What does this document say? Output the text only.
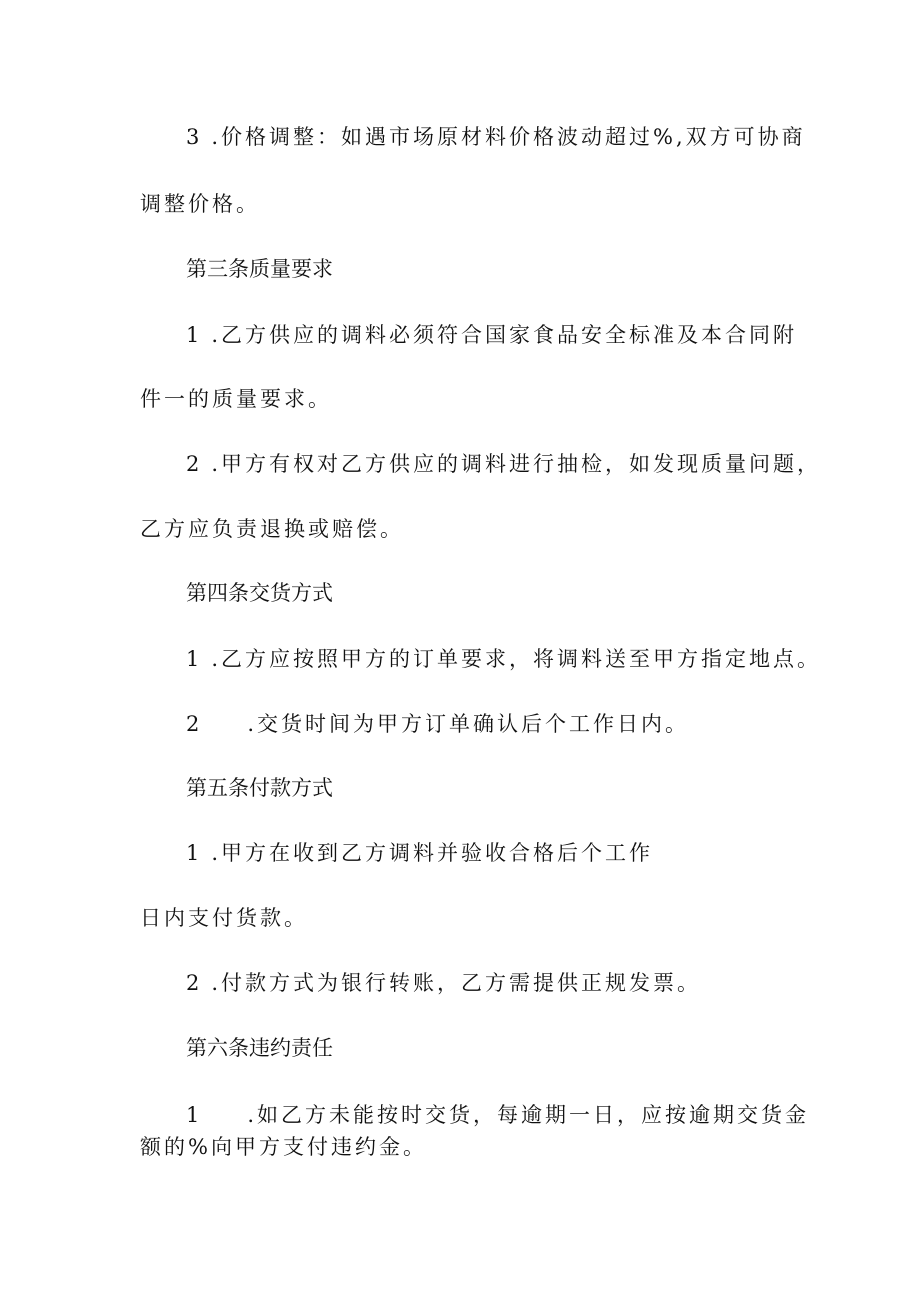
3 .价格调整：如遇市场原材料价格波动超过%,双方可协商
调整价格。
第三条质量要求
1 .乙方供应的调料必须符合国家食品安全标准及本合同附
件一的质量要求。
2 .甲方有权对乙方供应的调料进行抽检，如发现质量问题，
乙方应负责退换或赔偿。
第四条交货方式
1 .乙方应按照甲方的订单要求，将调料送至甲方指定地点。
2 .交货时间为甲方订单确认后个工作日内。
第五条付款方式
1 .甲方在收到乙方调料并验收合格后个工作
日内支付货款。
2 .付款方式为银行转账，乙方需提供正规发票。
第六条违约责任
1 .如乙方未能按时交货，每逾期一日，应按逾期交货金
额的%向甲方支付违约金。
